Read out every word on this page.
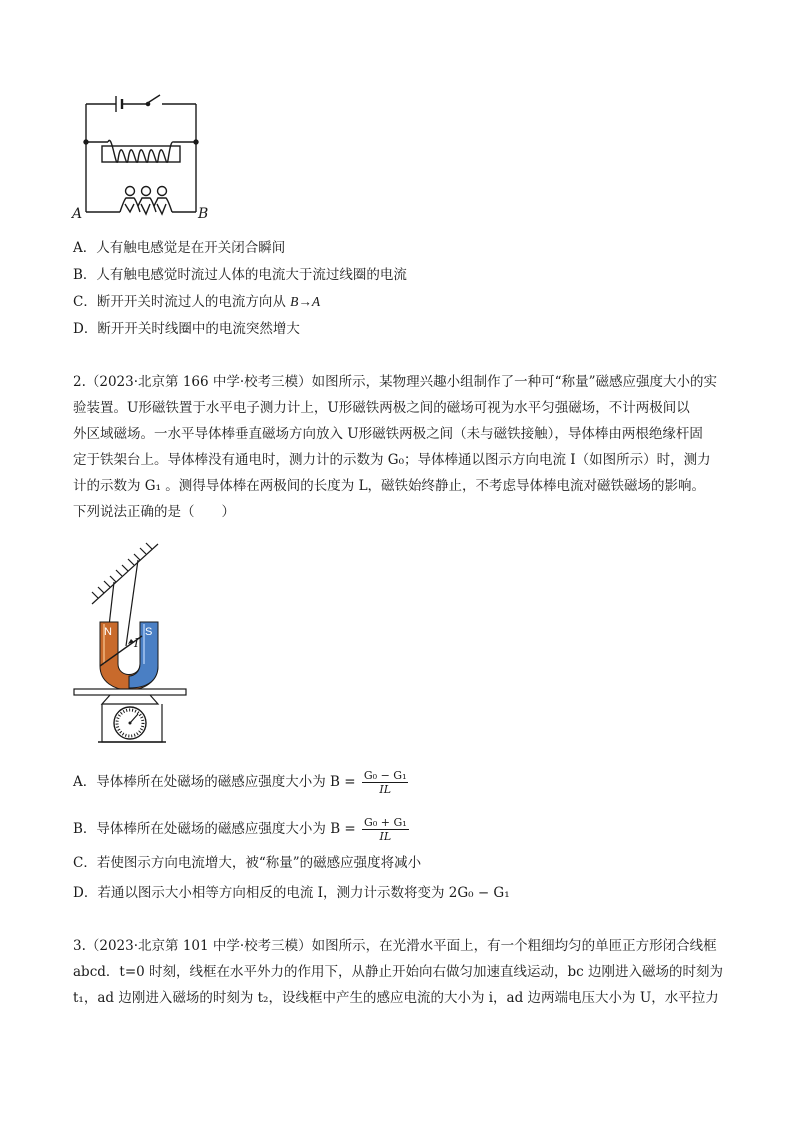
A	B
A．人有触电感觉是在开关闭合瞬间
B．人有触电感觉时流过人体的电流大于流过线圈的电流
C．断开开关时流过人的电流方向从 B→A
D．断开开关时线圈中的电流突然增大
2.（2023·北京第 166 中学·校考三模）如图所示，某物理兴趣小组制作了一种可“称量”磁感应强度大小的实
验装置。U形磁铁置于水平电子测力计上，U形磁铁两极之间的磁场可视为水平匀强磁场，不计两极间以
外区域磁场。一水平导体棒垂直磁场方向放入 U形磁铁两极之间（未与磁铁接触），导体棒由两根绝缘杆固
定于铁架台上。导体棒没有通电时，测力计的示数为 G₀；导体棒通以图示方向电流 I（如图所示）时，测力
计的示数为 G₁ 。测得导体棒在两极间的长度为 L，磁铁始终静止，不考虑导体棒电流对磁铁磁场的影响。
下列说法正确的是（　　）
N	S
I
A．导体棒所在处磁场的磁感应强度大小为 $B = \frac{\text{G₀ − G₁}}{IL}$
B．导体棒所在处磁场的磁感应强度大小为 $B = \frac{\text{G₀ + G₁}}{IL}$
C．若使图示方向电流增大，被“称量”的磁感应强度将减小
D．若通以图示大小相等方向相反的电流 I，测力计示数将变为 2G₀ − G₁
3.（2023·北京第 101 中学·校考三模）如图所示，在光滑水平面上，有一个粗细均匀的单匝正方形闭合线框
abcd．t=0 时刻，线框在水平外力的作用下，从静止开始向右做匀加速直线运动，bc 边刚进入磁场的时刻为
t₁，ad 边刚进入磁场的时刻为 t₂，设线框中产生的感应电流的大小为 i，ad 边两端电压大小为 U，水平拉力
